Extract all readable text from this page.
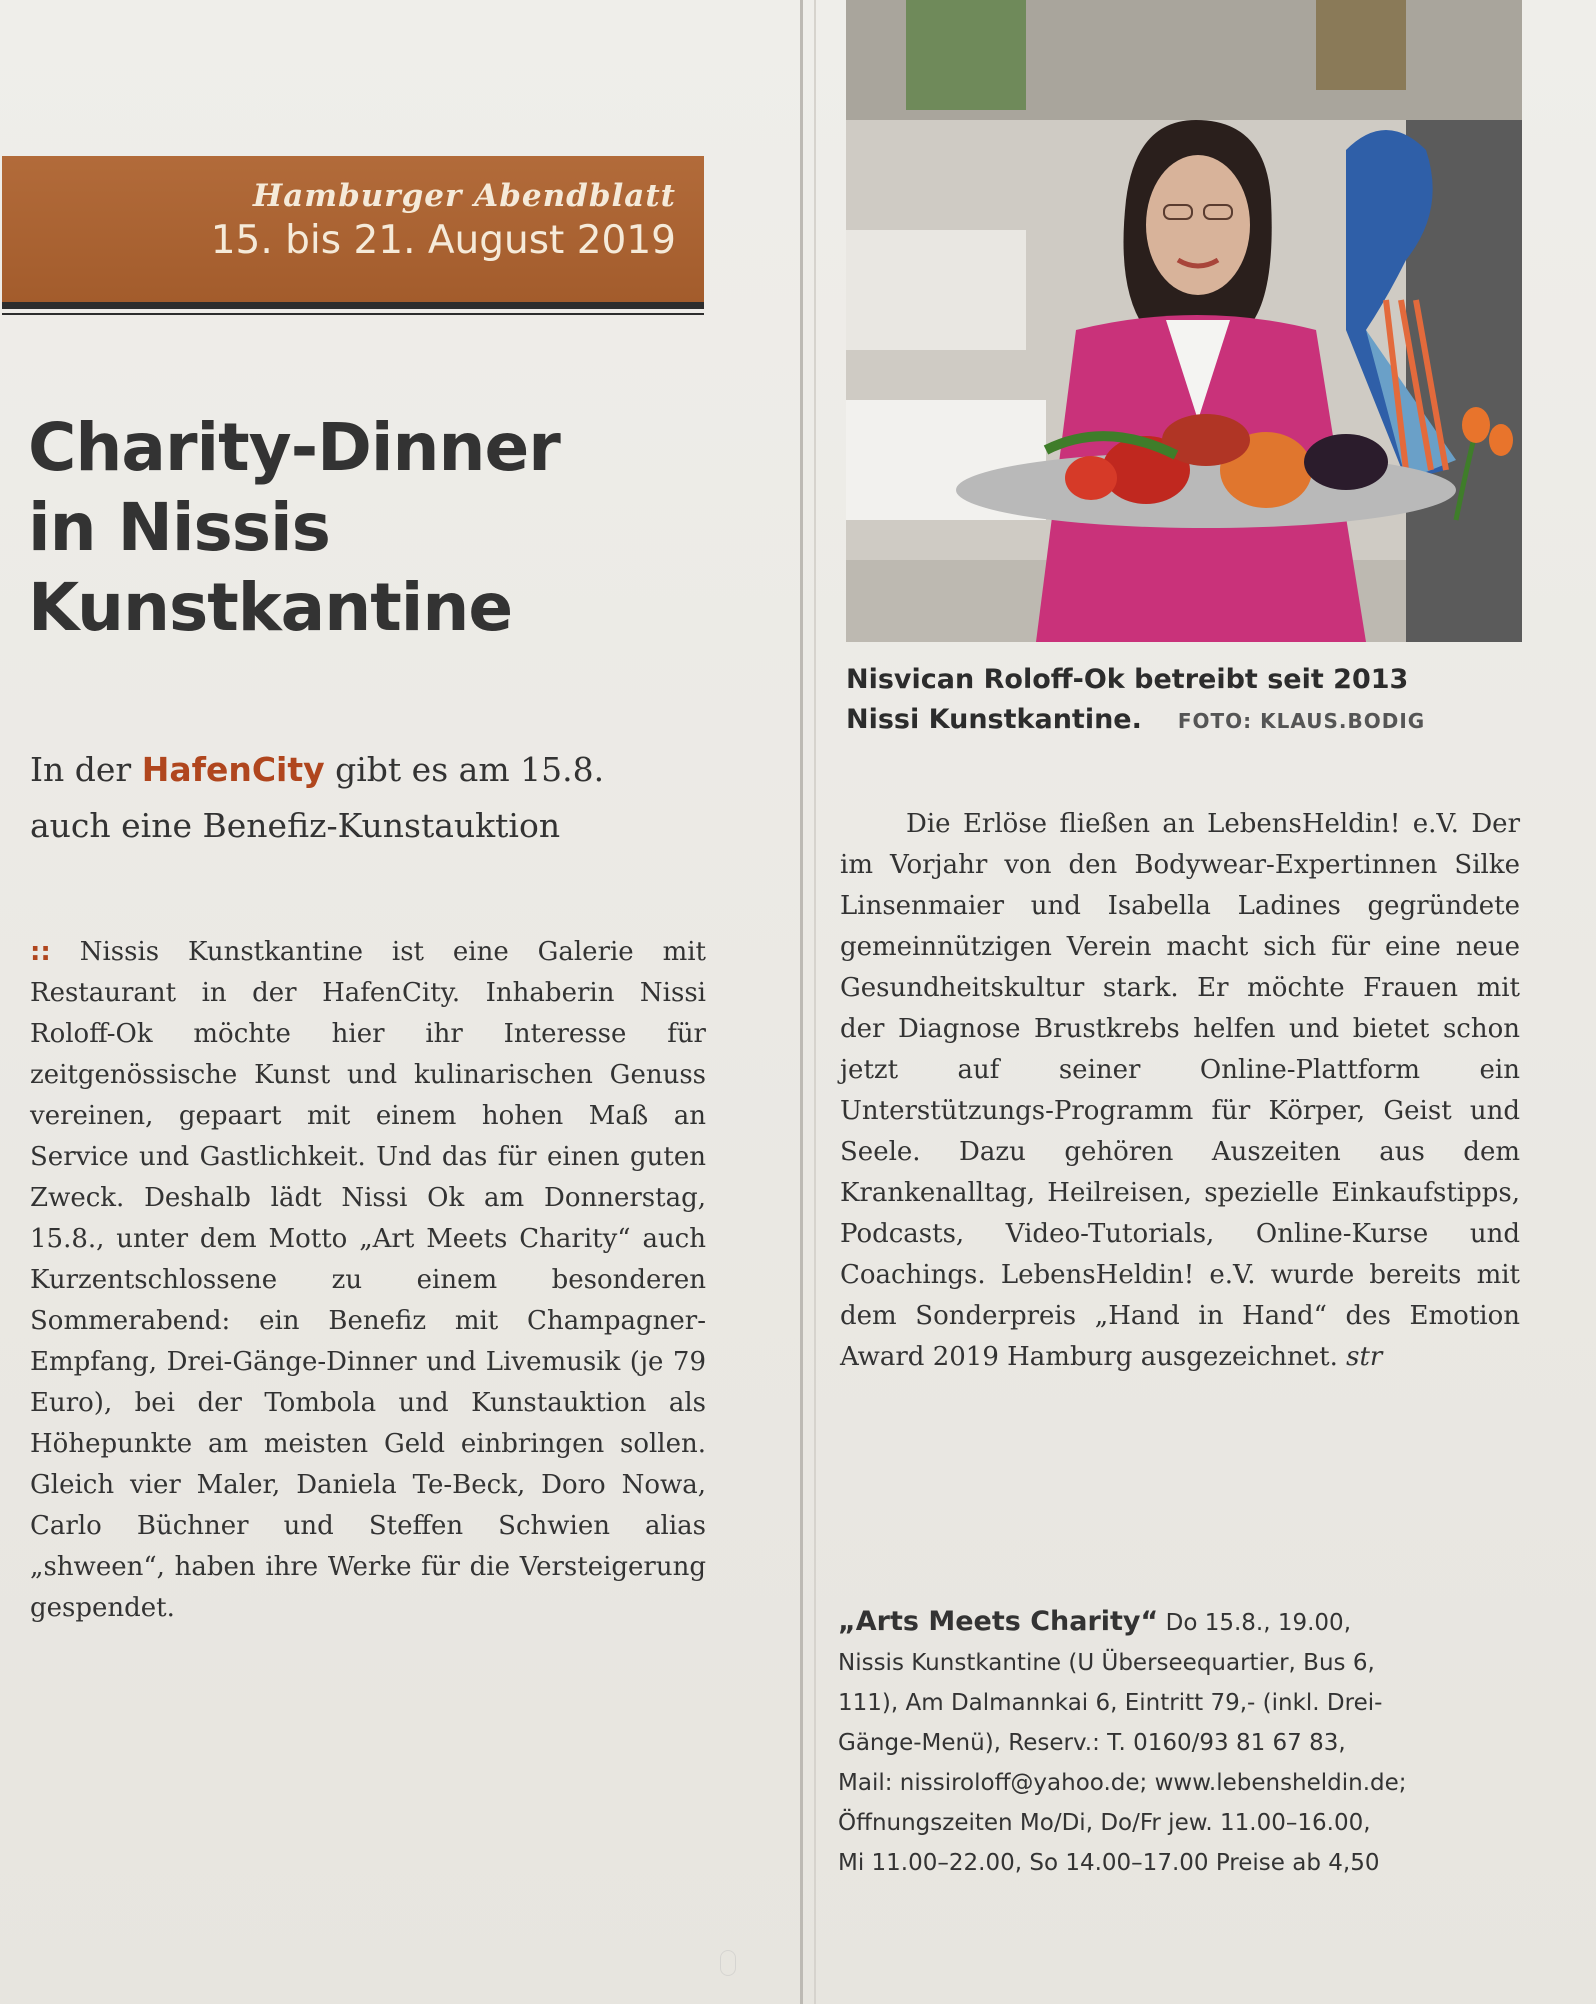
Hamburger Abendblatt
15. bis 21. August 2019
Charity-Dinner
in Nissis
Kunstkantine
In der HafenCity gibt es am 15.8.
auch eine Benefiz-Kunstauktion
:: Nissis Kunstkantine ist eine Galerie mit Restaurant in der HafenCity. Inhaberin Nissi Roloff-Ok möchte hier ihr Interesse für zeitgenössische Kunst und kulinarischen Genuss vereinen, gepaart mit einem hohen Maß an Service und Gastlichkeit. Und das für einen guten Zweck. Deshalb lädt Nissi Ok am Donnerstag, 15.8., unter dem Motto „Art Meets Charity“ auch Kurzentschlossene zu einem besonderen Sommerabend: ein Benefiz mit Champagner-Empfang, Drei-Gänge-Dinner und Livemusik (je 79 Euro), bei der Tombola und Kunstauktion als Höhepunkte am meisten Geld einbringen sollen. Gleich vier Maler, Daniela Te-Beck, Doro Nowa, Carlo Büchner und Steffen Schwien alias „shween“, haben ihre Werke für die Versteigerung gespendet.
Nisvican Roloff-Ok betreibt seit 2013
Nissi Kunstkantine. FOTO: KLAUS.BODIG
Die Erlöse fließen an LebensHeldin! e.V. Der im Vorjahr von den Bodywear-Expertinnen Silke Linsenmaier und Isabella Ladines gegründete gemeinnützigen Verein macht sich für eine neue Gesundheitskultur stark. Er möchte Frauen mit der Diagnose Brustkrebs helfen und bietet schon jetzt auf seiner Online-Plattform ein Unterstützungs-Programm für Körper, Geist und Seele. Dazu gehören Auszeiten aus dem Krankenalltag, Heilreisen, spezielle Einkaufstipps, Podcasts, Video-Tutorials, Online-Kurse und Coachings. LebensHeldin! e.V. wurde bereits mit dem Sonderpreis „Hand in Hand“ des Emotion Award 2019 Hamburg ausgezeichnet. str
„Arts Meets Charity“ Do 15.8., 19.00,
Nissis Kunstkantine (U Überseequartier, Bus 6,
111), Am Dalmannkai 6, Eintritt 79,- (inkl. Drei-
Gänge-Menü), Reserv.: T. 0160/93 81 67 83,
Mail: nissiroloff@yahoo.de; www.lebensheldin.de;
Öffnungszeiten Mo/Di, Do/Fr jew. 11.00–16.00,
Mi 11.00–22.00, So 14.00–17.00 Preise ab 4,50
